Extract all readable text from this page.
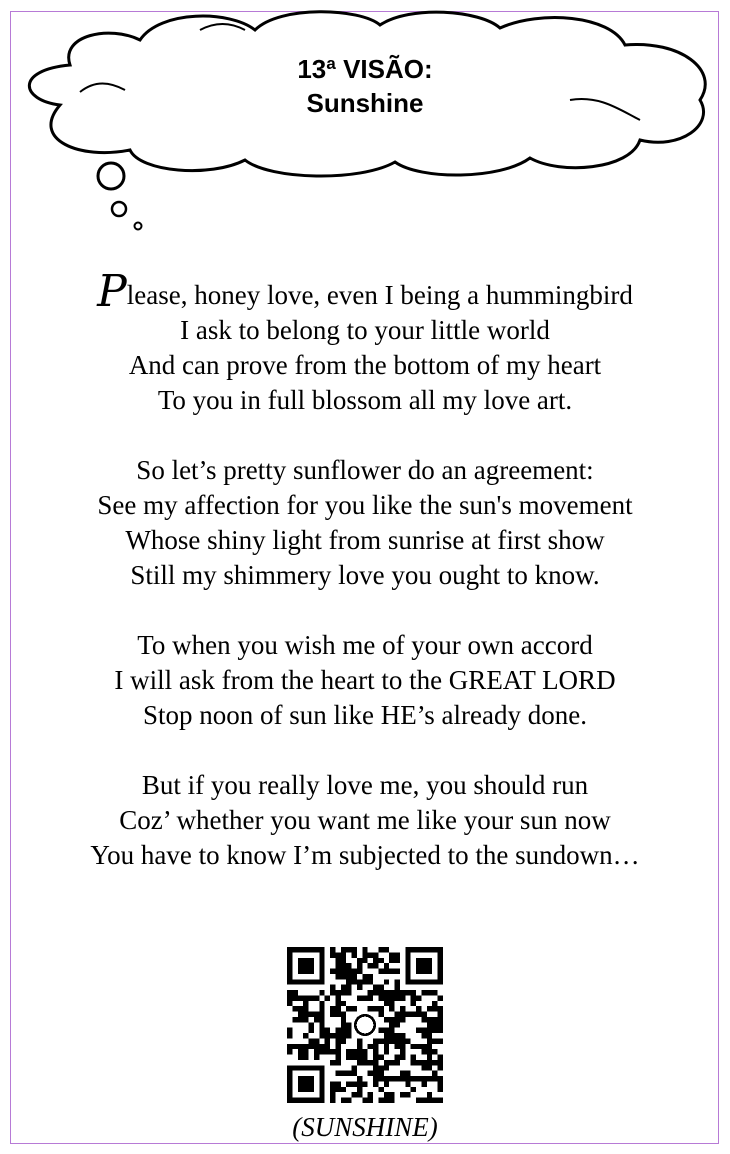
13ª VISÃO:
Sunshine
Please, honey love, even I being a hummingbird
I ask to belong to your little world
And can prove from the bottom of my heart
To you in full blossom all my love art.
So let’s pretty sunflower do an agreement:
See my affection for you like the sun's movement
Whose shiny light from sunrise at first show
Still my shimmery love you ought to know.
To when you wish me of your own accord
I will ask from the heart to the GREAT LORD
Stop noon of sun like HE’s already done.
But if you really love me, you should run
Coz’ whether you want me like your sun now
You have to know I’m subjected to the sundown…
(SUNSHINE)
